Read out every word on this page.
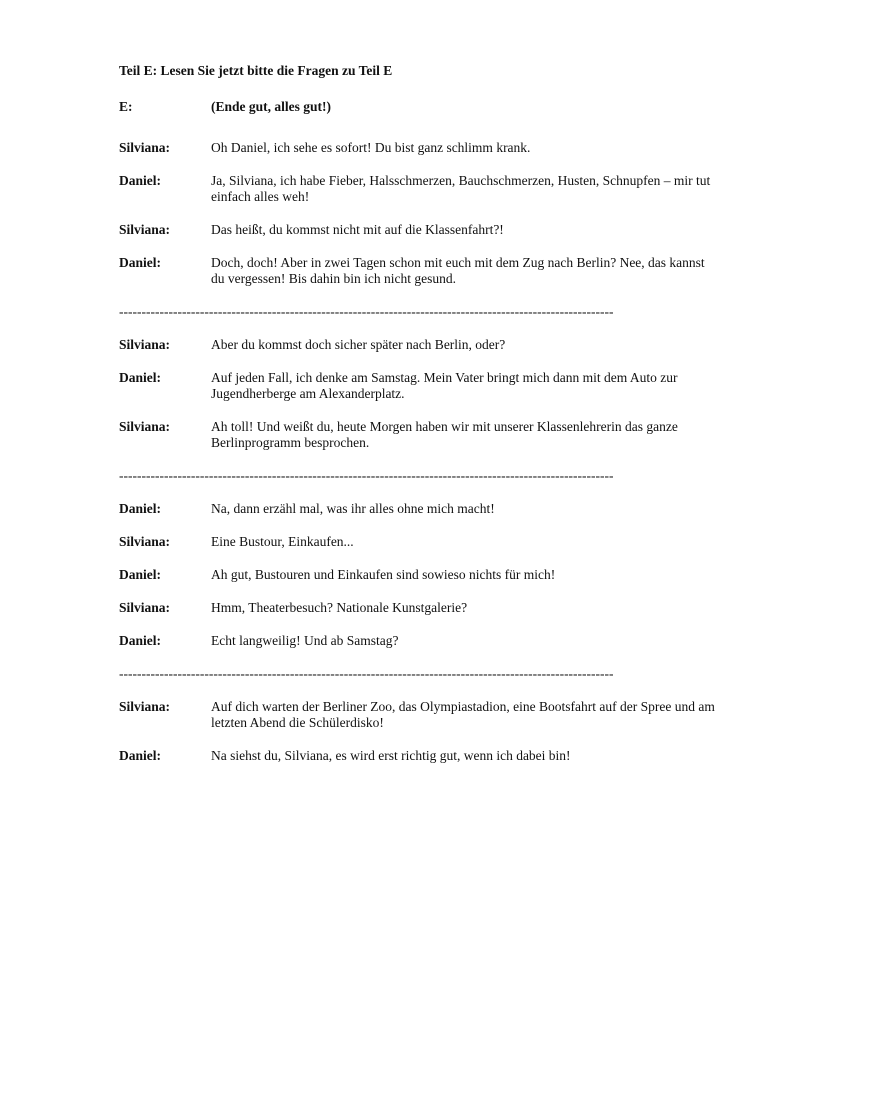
Teil E: Lesen Sie jetzt bitte die Fragen zu Teil E

E:	(Ende gut, alles gut!)
Silviana:	Oh Daniel, ich sehe es sofort! Du bist ganz schlimm krank.
Daniel:	Ja, Silviana, ich habe Fieber, Halsschmerzen, Bauchschmerzen, Husten, Schnupfen – mir tut
einfach alles weh!
Silviana:	Das heißt, du kommst nicht mit auf die Klassenfahrt?!
Daniel:	Doch, doch! Aber in zwei Tagen schon mit euch mit dem Zug nach Berlin? Nee, das kannst
du vergessen! Bis dahin bin ich nicht gesund.
--------------------------------------------------------------------------------------------------------------
Silviana:	Aber du kommst doch sicher später nach Berlin, oder?
Daniel:	Auf jeden Fall, ich denke am Samstag. Mein Vater bringt mich dann mit dem Auto zur
Jugendherberge am Alexanderplatz.
Silviana:	Ah toll! Und weißt du, heute Morgen haben wir mit unserer Klassenlehrerin das ganze
Berlinprogramm besprochen.
--------------------------------------------------------------------------------------------------------------
Daniel:	Na, dann erzähl mal, was ihr alles ohne mich macht!
Silviana:	Eine Bustour, Einkaufen...
Daniel:	Ah gut, Bustouren und Einkaufen sind sowieso nichts für mich!
Silviana:	Hmm, Theaterbesuch? Nationale Kunstgalerie?
Daniel:	Echt langweilig! Und ab Samstag?
--------------------------------------------------------------------------------------------------------------
Silviana:	Auf dich warten der Berliner Zoo, das Olympiastadion, eine Bootsfahrt auf der Spree und am
letzten Abend die Schülerdisko!
Daniel:	Na siehst du, Silviana, es wird erst richtig gut, wenn ich dabei bin!
